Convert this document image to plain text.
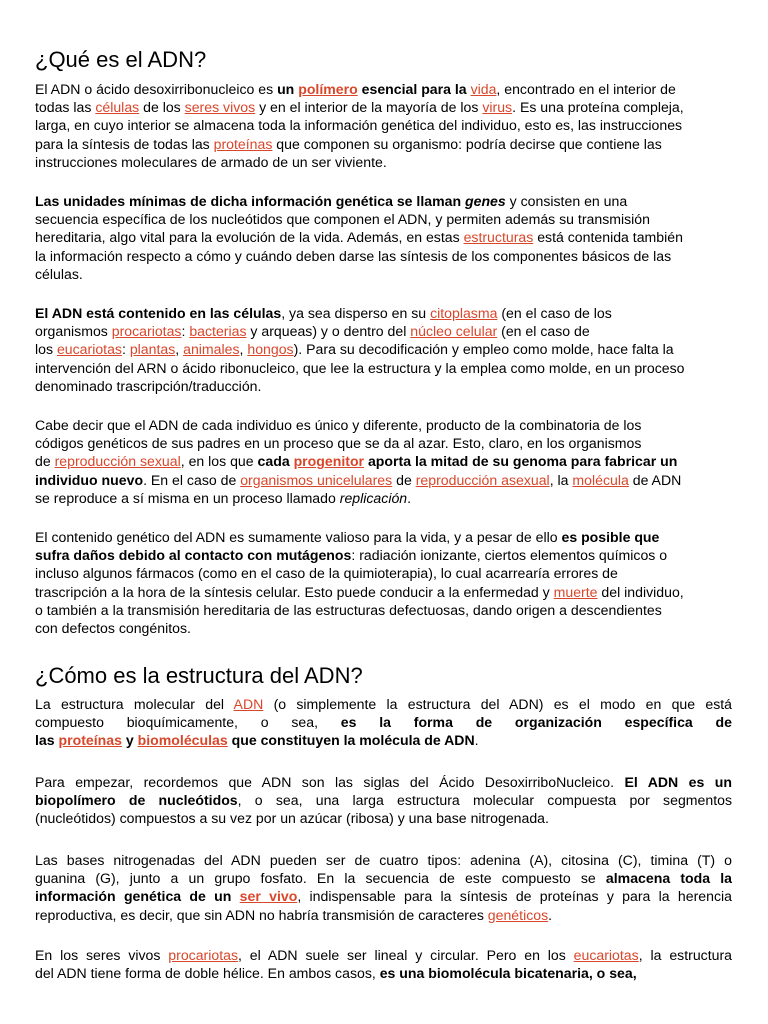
¿Qué es el ADN?
El ADN o ácido desoxirribonucleico es un polímero esencial para la vida, encontrado en el interior de
todas las células de los seres vivos y en el interior de la mayoría de los virus. Es una proteína compleja,
larga, en cuyo interior se almacena toda la información genética del individuo, esto es, las instrucciones
para la síntesis de todas las proteínas que componen su organismo: podría decirse que contiene las
instrucciones moleculares de armado de un ser viviente.
Las unidades mínimas de dicha información genética se llaman genes y consisten en una
secuencia específica de los nucleótidos que componen el ADN, y permiten además su transmisión
hereditaria, algo vital para la evolución de la vida. Además, en estas estructuras está contenida también
la información respecto a cómo y cuándo deben darse las síntesis de los componentes básicos de las
células.
El ADN está contenido en las células, ya sea disperso en su citoplasma (en el caso de los
organismos procariotas: bacterias y arqueas) y o dentro del núcleo celular (en el caso de
los eucariotas: plantas, animales, hongos). Para su decodificación y empleo como molde, hace falta la
intervención del ARN o ácido ribonucleico, que lee la estructura y la emplea como molde, en un proceso
denominado trascripción/traducción.
Cabe decir que el ADN de cada individuo es único y diferente, producto de la combinatoria de los
códigos genéticos de sus padres en un proceso que se da al azar. Esto, claro, en los organismos
de reproducción sexual, en los que cada progenitor aporta la mitad de su genoma para fabricar un
individuo nuevo. En el caso de organismos unicelulares de reproducción asexual, la molécula de ADN
se reproduce a sí misma en un proceso llamado replicación.
El contenido genético del ADN es sumamente valioso para la vida, y a pesar de ello es posible que
sufra daños debido al contacto con mutágenos: radiación ionizante, ciertos elementos químicos o
incluso algunos fármacos (como en el caso de la quimioterapia), lo cual acarrearía errores de
trascripción a la hora de la síntesis celular. Esto puede conducir a la enfermedad y muerte del individuo,
o también a la transmisión hereditaria de las estructuras defectuosas, dando origen a descendientes
con defectos congénitos.
¿Cómo es la estructura del ADN?
La estructura molecular del ADN (o simplemente la estructura del ADN) es el modo en que está
compuesto bioquímicamente, o sea, es la forma de organización específica de
las proteínas y biomoléculas que constituyen la molécula de ADN.
Para empezar, recordemos que ADN son las siglas del Ácido DesoxirriboNucleico. El ADN es un
biopolímero de nucleótidos, o sea, una larga estructura molecular compuesta por segmentos
(nucleótidos) compuestos a su vez por un azúcar (ribosa) y una base nitrogenada.
Las bases nitrogenadas del ADN pueden ser de cuatro tipos: adenina (A), citosina (C), timina (T) o
guanina (G), junto a un grupo fosfato. En la secuencia de este compuesto se almacena toda la
información genética de un ser vivo, indispensable para la síntesis de proteínas y para la herencia
reproductiva, es decir, que sin ADN no habría transmisión de caracteres genéticos.
En los seres vivos procariotas, el ADN suele ser lineal y circular. Pero en los eucariotas, la estructura
del ADN tiene forma de doble hélice. En ambos casos, es una biomolécula bicatenaria, o sea,
